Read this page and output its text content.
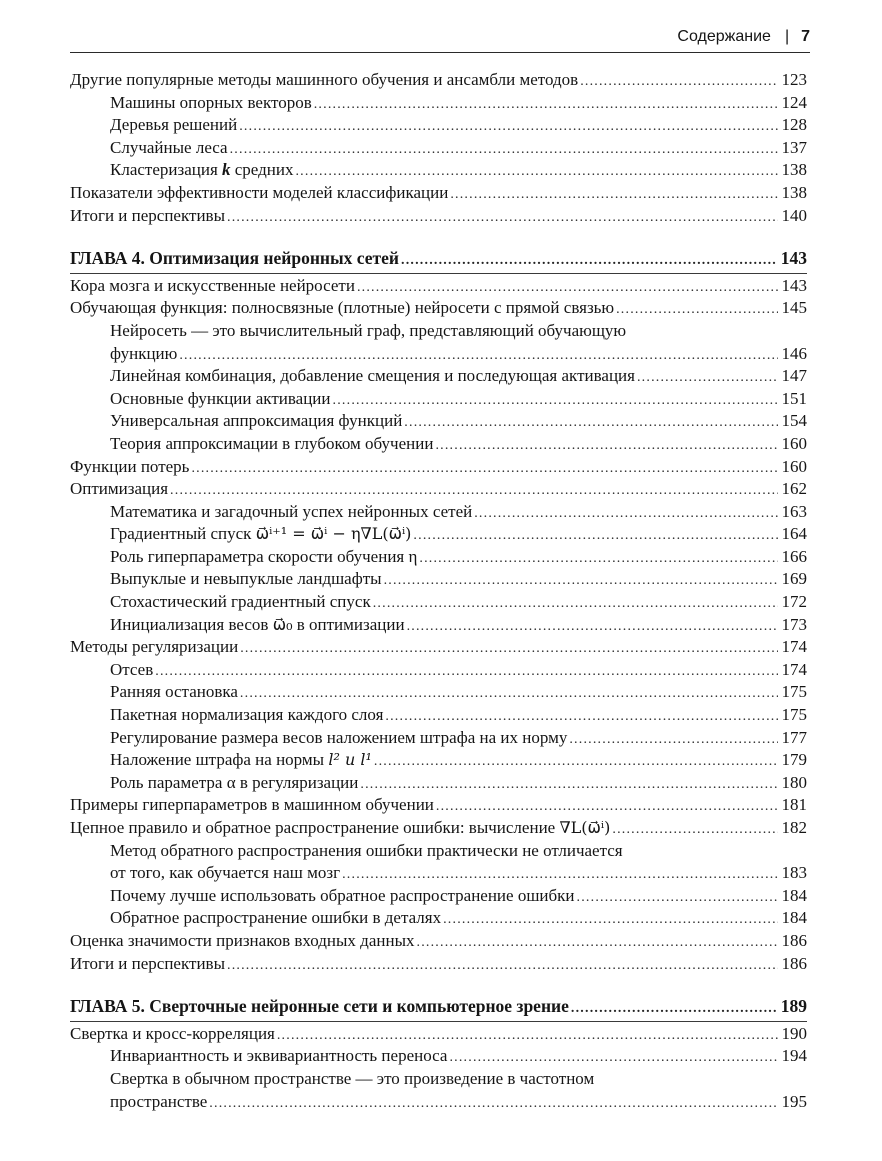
Содержание | 7
Другие популярные методы машинного обучения и ансамбли методов .....	123
Машины опорных векторов .....	124
Деревья решений .....	128
Случайные леса .....	137
Кластеризация k средних .....	138
Показатели эффективности моделей классификации .....	138
Итоги и перспективы .....	140
ГЛАВА 4. Оптимизация нейронных сетей .....	143
Кора мозга и искусственные нейросети .....	143
Обучающая функция: полносвязные (плотные) нейросети с прямой связью .....	145
Нейросеть — это вычислительный граф, представляющий обучающую
функцию .....	146
Линейная комбинация, добавление смещения и последующая активация .....	147
Основные функции активации .....	151
Универсальная аппроксимация функций .....	154
Теория аппроксимации в глубоком обучении .....	160
Функции потерь .....	160
Оптимизация .....	162
Математика и загадочный успех нейронных сетей .....	163
Градиентный спуск ω⃗ⁱ⁺¹ = ω⃗ⁱ − η∇L(ω⃗ⁱ) .....	164
Роль гиперпараметра скорости обучения η .....	166
Выпуклые и невыпуклые ландшафты .....	169
Стохастический градиентный спуск .....	172
Инициализация весов ω⃗₀ в оптимизации .....	173
Методы регуляризации .....	174
Отсев .....	174
Ранняя остановка .....	175
Пакетная нормализация каждого слоя .....	175
Регулирование размера весов наложением штрафа на их норму .....	177
Наложение штрафа на нормы l² и l¹ .....	179
Роль параметра α в регуляризации .....	180
Примеры гиперпараметров в машинном обучении .....	181
Цепное правило и обратное распространение ошибки: вычисление ∇L(ω⃗ⁱ) .....	182
Метод обратного распространения ошибки практически не отличается
от того, как обучается наш мозг .....	183
Почему лучше использовать обратное распространение ошибки .....	184
Обратное распространение ошибки в деталях .....	184
Оценка значимости признаков входных данных .....	186
Итоги и перспективы .....	186
ГЛАВА 5. Сверточные нейронные сети и компьютерное зрение .....	189
Свертка и кросс-корреляция .....	190
Инвариантность и эквивариантность переноса .....	194
Свертка в обычном пространстве — это произведение в частотном
пространстве .....	195
